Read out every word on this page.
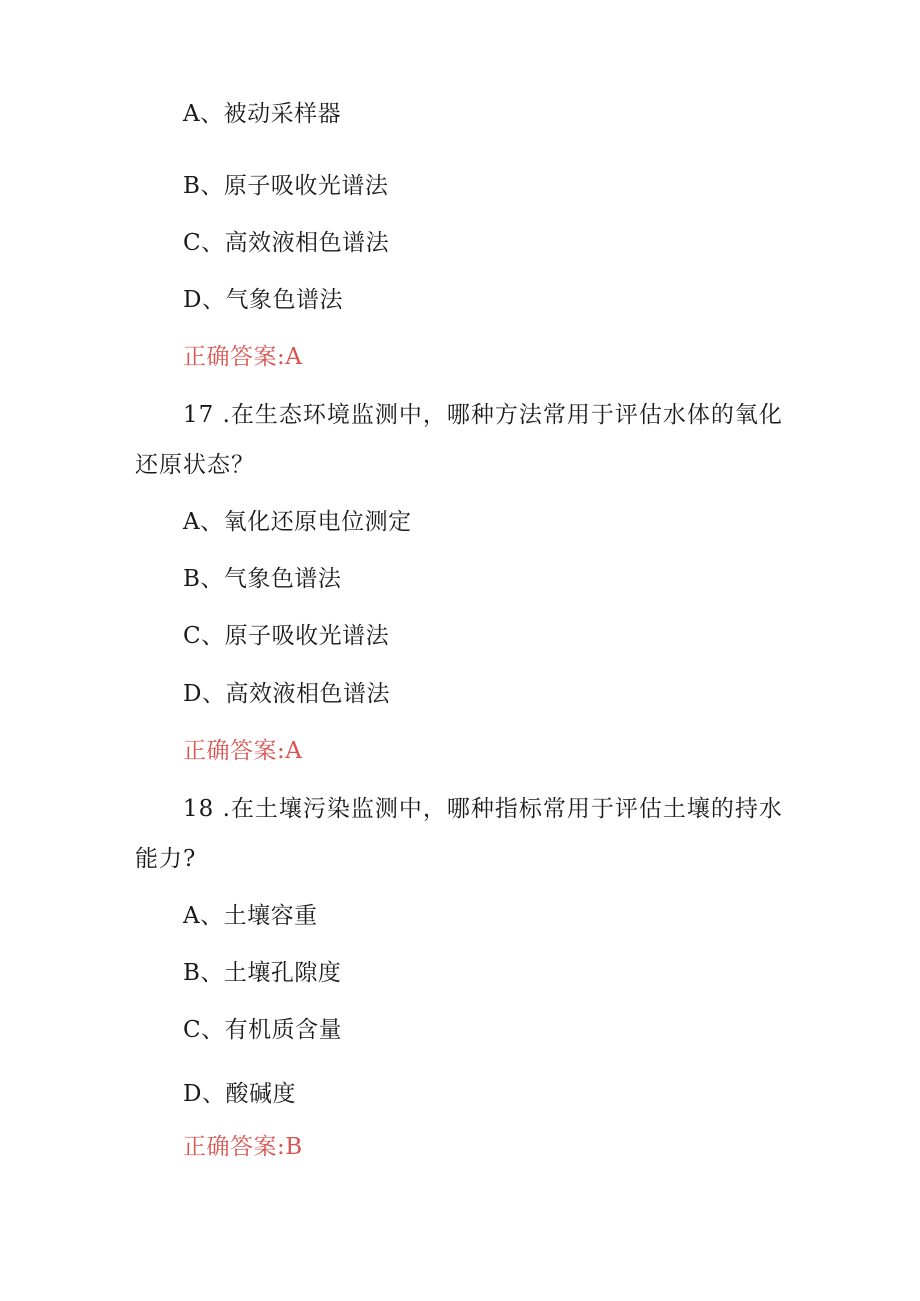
A、被动采样器
B、原子吸收光谱法
C、高效液相色谱法
D、气象色谱法
正确答案:A
17 .在生态环境监测中，哪种方法常用于评估水体的氧化
还原状态？
A、氧化还原电位测定
B、气象色谱法
C、原子吸收光谱法
D、高效液相色谱法
正确答案:A
18 .在土壤污染监测中，哪种指标常用于评估土壤的持水
能力?
A、土壤容重
B、土壤孔隙度
C、有机质含量
D、酸碱度
正确答案:B
